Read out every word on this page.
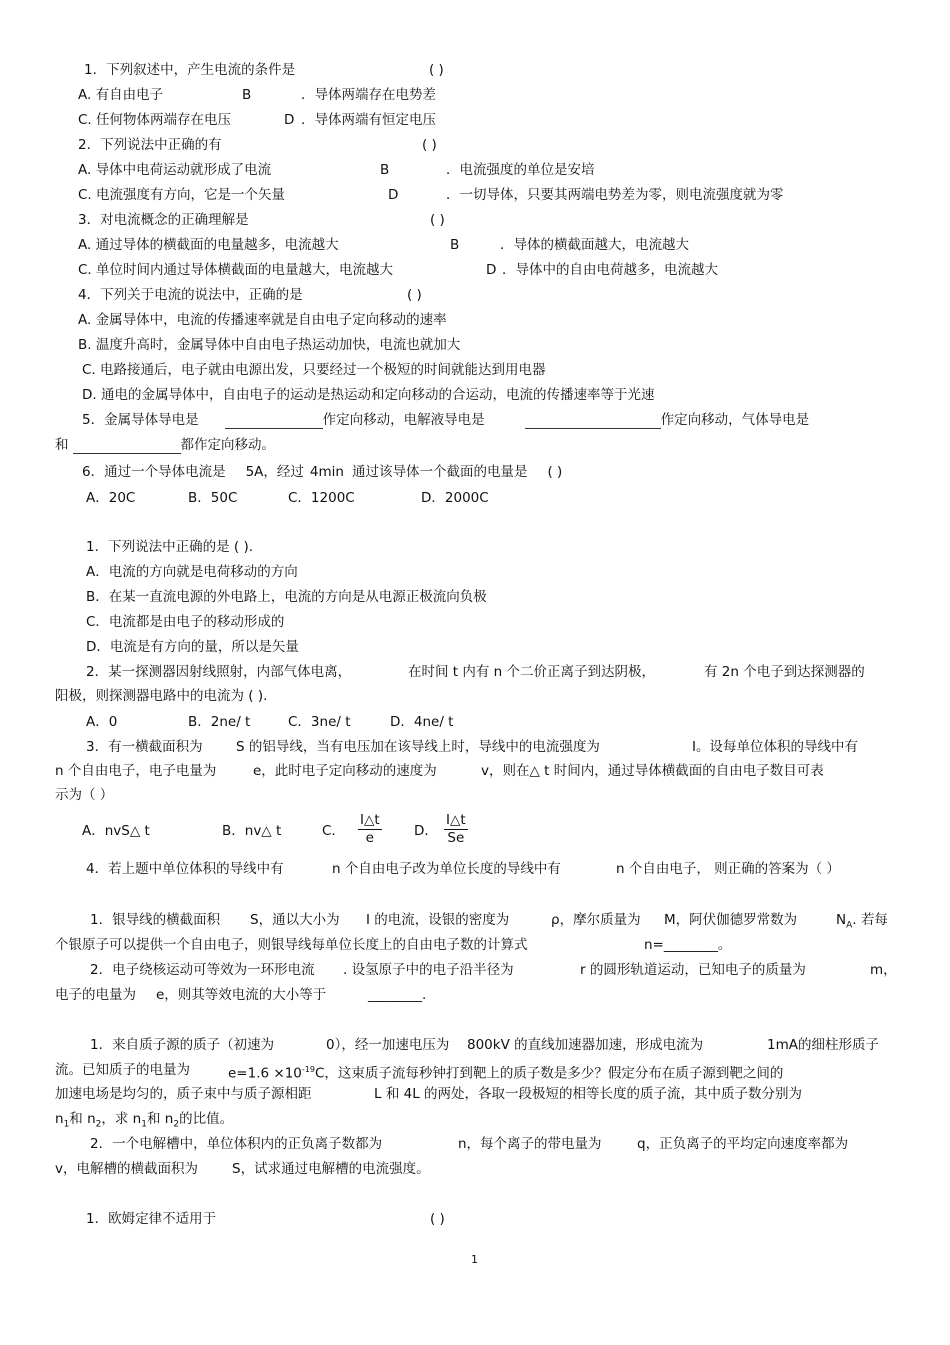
1．下列叙述中，产生电流的条件是	( )
A. 有自由电子	B	．导体两端存在电势差
C. 任何物体两端存在电压	D ．导体两端有恒定电压
2．下列说法中正确的有	( )
A. 导体中电荷运动就形成了电流	B	．电流强度的单位是安培
C. 电流强度有方向，它是一个矢量	D	．一切导体，只要其两端电势差为零，则电流强度就为零
3．对电流概念的正确理解是	( )
A. 通过导体的横截面的电量越多，电流越大	B	．导体的横截面越大，电流越大
C. 单位时间内通过导体横截面的电量越大，电流越大	D ．导体中的自由电荷越多，电流越大
4．下列关于电流的说法中，正确的是	( )
A. 金属导体中，电流的传播速率就是自由电子定向移动的速率
B. 温度升高时，金属导体中自由电子热运动加快，电流也就加大
C. 电路接通后，电子就由电源出发，只要经过一个极短的时间就能达到用电器
D. 通电的金属导体中，自由电子的运动是热运动和定向移动的合运动，电流的传播速率等于光速
5．金属导体导电是	作定向移动，电解液导电是	作定向移动，气体导电是
和	都作定向移动。
6．通过一个导体电流是 5A，经过 4min 通过该导体一个截面的电量是 ( )
A．20C	B．50C	C．1200C	D．2000C
1．下列说法中正确的是 ( ).
A．电流的方向就是电荷移动的方向
B．在某一直流电源的外电路上，电流的方向是从电源正极流向负极
C．电流都是由电子的移动形成的
D．电流是有方向的量，所以是矢量
2．某一探测器因射线照射，内部气体电离，	在时间 t 内有 n 个二价正离子到达阴极，	有 2n 个电子到达探测器的
阳极，则探测器电路中的电流为 ( ).
A．0	B．2ne/ t	C．3ne/ t	D．4ne/ t
3．有一横截面积为 S 的铝导线，当有电压加在该导线上时，导线中的电流强度为	I。设每单位体积的导线中有
n 个自由电子，电子电量为	e，此时电子定向移动的速度为	v，则在△ t 时间内，通过导体横截面的自由电子数目可表
示为（ ）
A．nvS△ t	B．nv△ t	C. $\frac{I\triangle t}{e}$ D． $\frac{I\triangle t}{Se}$
4．若上题中单位体积的导线中有	n 个自由电子改为单位长度的导线中有	n 个自由电子， 则正确的答案为（ ）
1．银导线的横截面积 S，通以大小为 I 的电流，设银的密度为	ρ，摩尔质量为 M，阿伏伽德罗常数为	$N_A$. 若每
个银原子可以提供一个自由电子，则银导线每单位长度上的自由电子数的计算式	n=________。
2．电子绕核运动可等效为一环形电流 . 设氢原子中的电子沿半径为	r 的圆形轨道运动，已知电子的质量为	m，
电子的电量为 e，则其等效电流的大小等于	________.
1．来自质子源的质子（初速为	0），经一加速电压为 800kV 的直线加速器加速，形成电流为	1mA的细柱形质子
流。已知质子的电量为	$e=1.6 \times 10^{-19}C$，这束质子流每秒钟打到靶上的质子数是多少？假定分布在质子源到靶之间的
加速电场是均匀的，质子束中与质子源相距	L 和 4L 的两处，各取一段极短的相等长度的质子流，其中质子数分别为
$n_1$和 $n_2$，求 $n_1$和 $n_2$的比值。
2．一个电解槽中，单位体积内的正负离子数都为	n，每个离子的带电量为	q，正负离子的平均定向速度率都为
v，电解槽的横截面积为	S，试求通过电解槽的电流强度。
1．欧姆定律不适用于	( )
1
